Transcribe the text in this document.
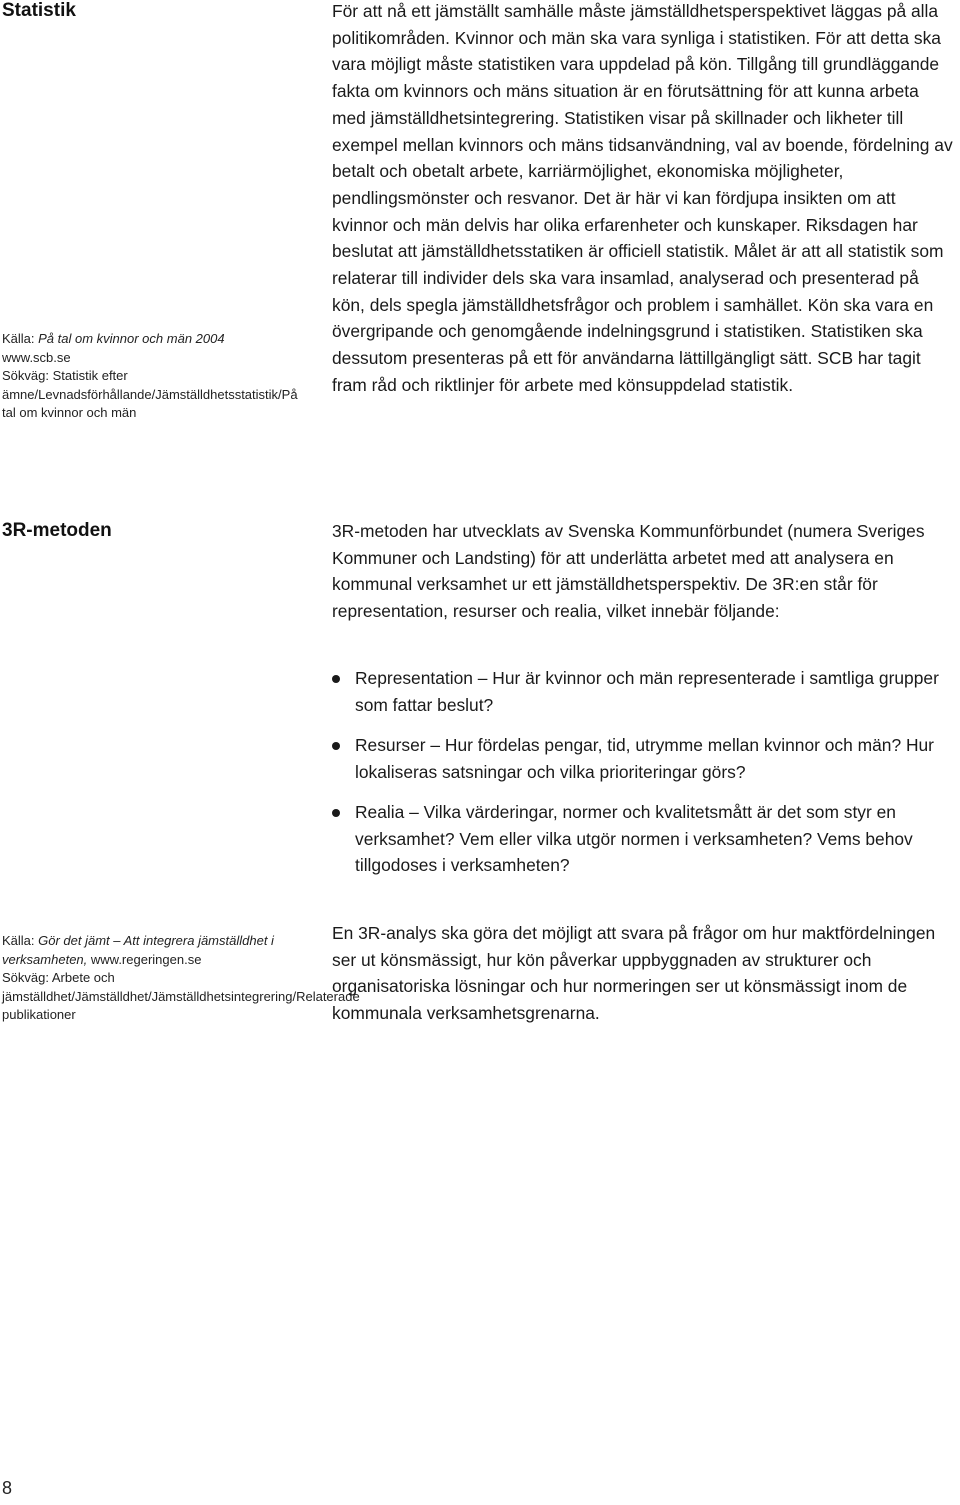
Statistik	För att nå ett jämställt samhälle måste jämställdhetsperspektivet läggas på alla politikområden. Kvinnor och män ska vara synliga i statistiken. För att detta ska vara möjligt måste statistiken vara uppdelad på kön. Tillgång till grundläggande fakta om kvinnors och mäns situation är en förutsättning för att kunna arbeta med jämställdhetsintegrering. Statistiken visar på skillnader och likheter till exempel mellan kvinnors och mäns tidsanvändning, val av boende, fördelning av betalt och obetalt arbete, karriärmöjlighet, ekonomiska möjligheter, pendlingsmönster och resvanor. Det är här vi kan fördjupa insikten om att kvinnor och män delvis har olika erfarenheter och kunskaper. Riksdagen har beslutat att jämställdhetsstatiken är officiell statistik. Målet är att all statistik som relaterar till individer dels ska vara insamlad, analyserad och presenterad på kön, dels spegla jämställdhetsfrågor och problem i samhället. Kön ska vara en övergripande och genomgående indelningsgrund i statistiken. Statistiken ska dessutom presenteras på ett för användarna lättillgängligt sätt. SCB har tagit fram råd och riktlinjer för arbete med könsuppdelad statistik.

Källa: På tal om kvinnor och män 2004
www.scb.se
Sökväg: Statistik efter ämne/Levnadsförhållande/Jämställdhetsstatistik/På tal om kvinnor och män
3R-metoden	3R-metoden har utvecklats av Svenska Kommunförbundet (numera Sveriges Kommuner och Landsting) för att underlätta arbetet med att analysera en kommunal verksamhet ur ett jämställdhetsperspektiv. De 3R:en står för representation, resurser och realia, vilket innebär följande:

Representation – Hur är kvinnor och män representerade i samtliga grupper som fattar beslut?
Resurser – Hur fördelas pengar, tid, utrymme mellan kvinnor och män? Hur lokaliseras satsningar och vilka prioriteringar görs?
Realia – Vilka värderingar, normer och kvalitetsmått är det som styr en verksamhet? Vem eller vilka utgör normen i verksamheten? Vems behov tillgodoses i verksamheten?
Källa: Gör det jämt – Att integrera jämställdhet i verksamheten, www.regeringen.se
Sökväg: Arbete och jämställdhet/Jämställdhet/Jämställdhetsintegrering/Relaterade publikationer

En 3R-analys ska göra det möjligt att svara på frågor om hur maktfördelningen ser ut könsmässigt, hur kön påverkar uppbyggnaden av strukturer och organisatoriska lösningar och hur normeringen ser ut könsmässigt inom de kommunala verksamhetsgrenarna.

8
